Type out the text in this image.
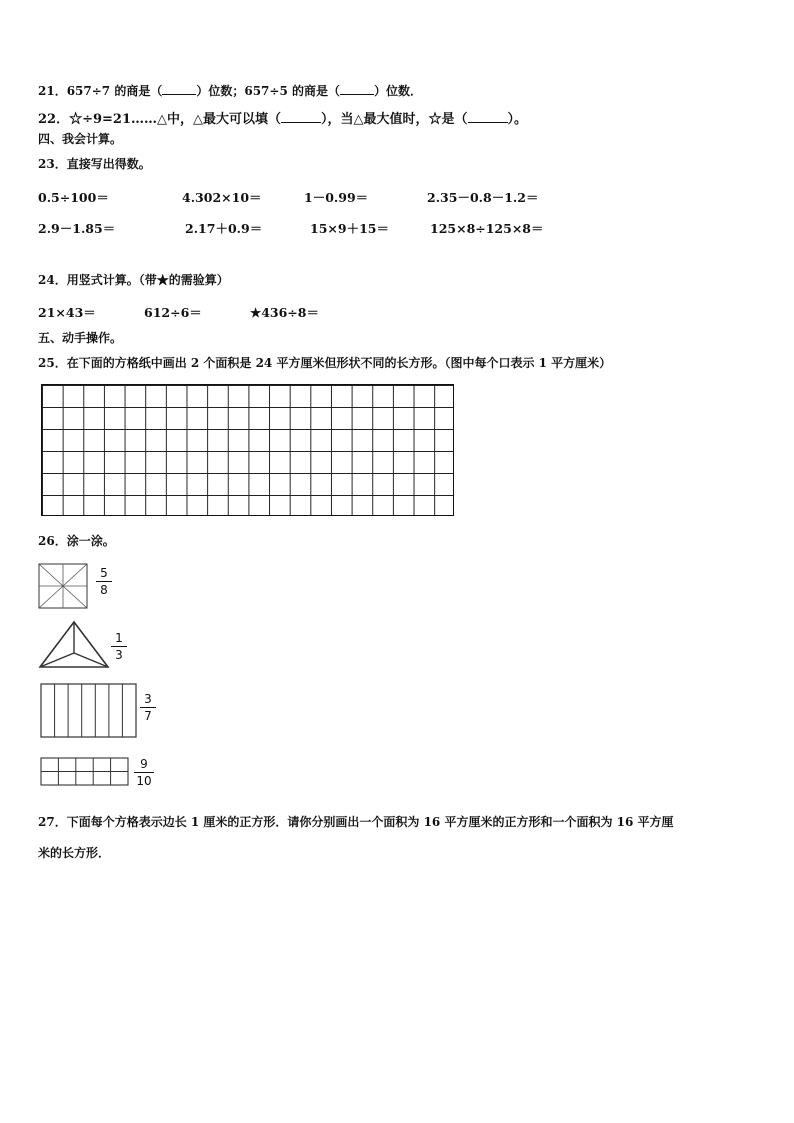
21．657÷7 的商是（	）位数；657÷5 的商是（	）位数．
22．☆÷9=21……△中，△最大可以填（	），当△最大值时，☆是（	）。
四、我会计算。
23．直接写出得数。
0.5÷100＝	4.302×10＝	1－0.99＝	2.35－0.8－1.2＝
2.9－1.85＝	2.17＋0.9＝	15×9＋15＝	125×8÷125×8＝
24．用竖式计算。（带★的需验算）
21×43＝	612÷6＝	★436÷8＝
五、动手操作。
25．在下面的方格纸中画出 2 个面积是 24 平方厘米但形状不同的长方形。（图中每个口表示 1 平方厘米）
26．涂一涂。
5
8
1
3
3
7
9
10
27．下面每个方格表示边长 1 厘米的正方形．请你分别画出一个面积为 16 平方厘米的正方形和一个面积为 16 平方厘
米的长方形．
